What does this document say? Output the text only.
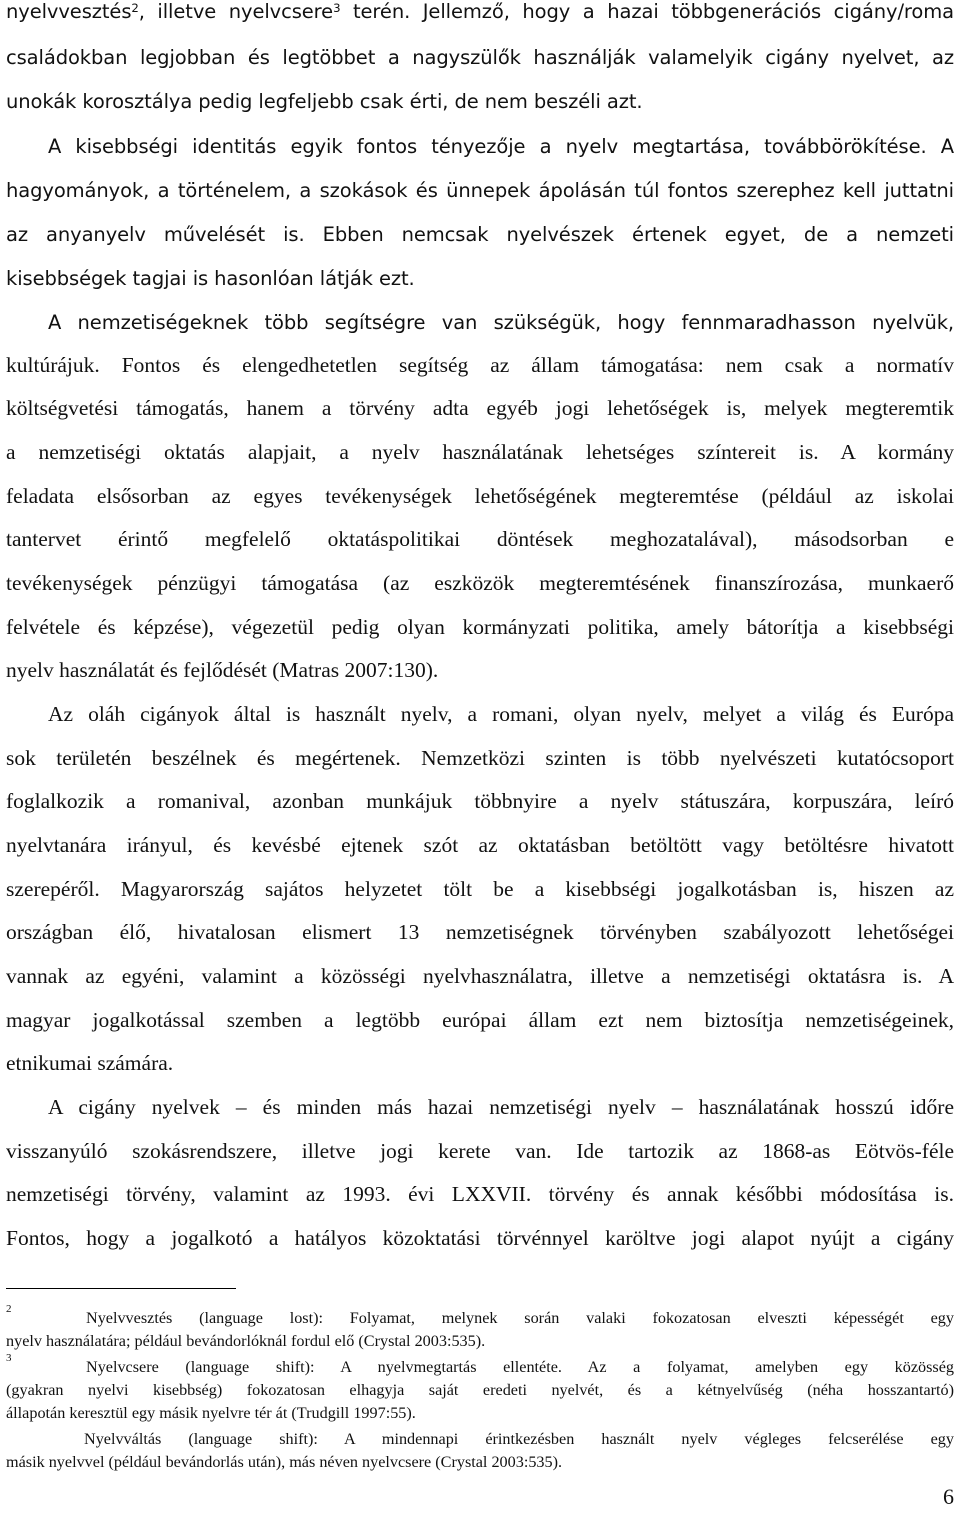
nyelvvesztés$^2$, illetve nyelvcsere$^3$ terén. Jellemző, hogy a hazai többgenerációs cigány/roma
családokban legjobban és legtöbbet a nagyszülők használják valamelyik cigány nyelvet, az
unokák korosztálya pedig legfeljebb csak érti, de nem beszéli azt.
A kisebbségi identitás egyik fontos tényezője a nyelv megtartása, továbbörökítése. A
hagyományok, a történelem, a szokások és ünnepek ápolásán túl fontos szerephez kell juttatni
az anyanyelv művelését is. Ebben nemcsak nyelvészek értenek egyet, de a nemzeti
kisebbségek tagjai is hasonlóan látják ezt.
A nemzetiségeknek több segítségre van szükségük, hogy fennmaradhasson nyelvük,
kultúrájuk. Fontos és elengedhetetlen segítség az állam támogatása: nem csak a normatív
költségvetési támogatás, hanem a törvény adta egyéb jogi lehetőségek is, melyek megteremtik
a nemzetiségi oktatás alapjait, a nyelv használatának lehetséges színtereit is. A kormány
feladata elsősorban az egyes tevékenységek lehetőségének megteremtése (például az iskolai
tantervet érintő megfelelő oktatáspolitikai döntések meghozatalával), másodsorban e
tevékenységek pénzügyi támogatása (az eszközök megteremtésének finanszírozása, munkaerő
felvétele és képzése), végezetül pedig olyan kormányzati politika, amely bátorítja a kisebbségi
nyelv használatát és fejlődését (Matras 2007:130).
Az oláh cigányok által is használt nyelv, a romani, olyan nyelv, melyet a világ és Európa
sok területén beszélnek és megértenek. Nemzetközi szinten is több nyelvészeti kutatócsoport
foglalkozik a romanival, azonban munkájuk többnyire a nyelv státuszára, korpuszára, leíró
nyelvtanára irányul, és kevésbé ejtenek szót az oktatásban betöltött vagy betöltésre hivatott
szerepéről. Magyarország sajátos helyzetet tölt be a kisebbségi jogalkotásban is, hiszen az
országban élő, hivatalosan elismert 13 nemzetiségnek törvényben szabályozott lehetőségei
vannak az egyéni, valamint a közösségi nyelvhasználatra, illetve a nemzetiségi oktatásra is. A
magyar jogalkotással szemben a legtöbb európai állam ezt nem biztosítja nemzetiségeinek,
etnikumai számára.
A cigány nyelvek – és minden más hazai nemzetiségi nyelv – használatának hosszú időre
visszanyúló szokásrendszere, illetve jogi kerete van. Ide tartozik az 1868-as Eötvös-féle
nemzetiségi törvény, valamint az 1993. évi LXXVII. törvény és annak későbbi módosítása is.
Fontos, hogy a jogalkotó a hatályos közoktatási törvénnyel karöltve jogi alapot nyújt a cigány
2	Nyelvvesztés (language lost): Folyamat, melynek során valaki fokozatosan elveszti képességét egy
nyelv használatára; például bevándorlóknál fordul elő (Crystal 2003:535).
3	Nyelvcsere (language shift): A nyelvmegtartás ellentéte. Az a folyamat, amelyben egy közösség
(gyakran nyelvi kisebbség) fokozatosan elhagyja saját eredeti nyelvét, és a kétnyelvűség (néha hosszantartó)
állapotán keresztül egy másik nyelvre tér át (Trudgill 1997:55).
Nyelvváltás (language shift): A mindennapi érintkezésben használt nyelv végleges felcserélése egy
másik nyelvvel (például bevándorlás után), más néven nyelvcsere (Crystal 2003:535).
6
